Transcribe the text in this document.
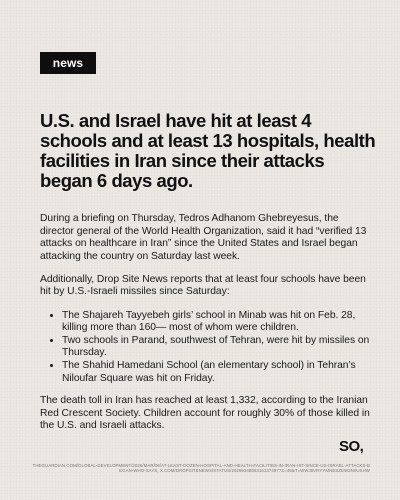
news
U.S. and Israel have hit at least 4 schools and at least 13 hospitals, health facilities in Iran since their attacks began 6 days ago.

During a briefing on Thursday, Tedros Adhanom Ghebreyesus, the director general of the World Health Organization, said it had “verified 13 attacks on healthcare in Iran” since the United States and Israel began attacking the country on Saturday last week.

Additionally, Drop Site News reports that at least four schools have been hit by U.S.-Israeli missiles since Saturday:

• The Shajareh Tayyebeh girls’ school in Minab was hit on Feb. 28, killing more than 160— most of whom were children.
• Two schools in Parand, southwest of Tehran, were hit by missiles on Thursday.
• The Shahid Hamedani School (an elementary school) in Tehran’s Niloufar Square was hit on Friday.

The death toll in Iran has reached at least 1,332, according to the Iranian Red Crescent Society. Children account for roughly 30% of those killed in the U.S. and Israeli attacks.

SO,
THEGUARDIAN.COM/GLOBAL-DEVELOPMENT/2026/MAR/06/AT-LEAST-DOZEN-HOSPITAL-AND-HEALTH-FACILITIES-IN-IRAN-HIT-SINCE-US-ISRAEL-ATTACKS-BEGAN-WHO-SAYS, X.COM/DROPSITENEWS/STATUS/2029934896316137497?S=46&T=WWJ5VRYYMNESZEW2N0UXHW
